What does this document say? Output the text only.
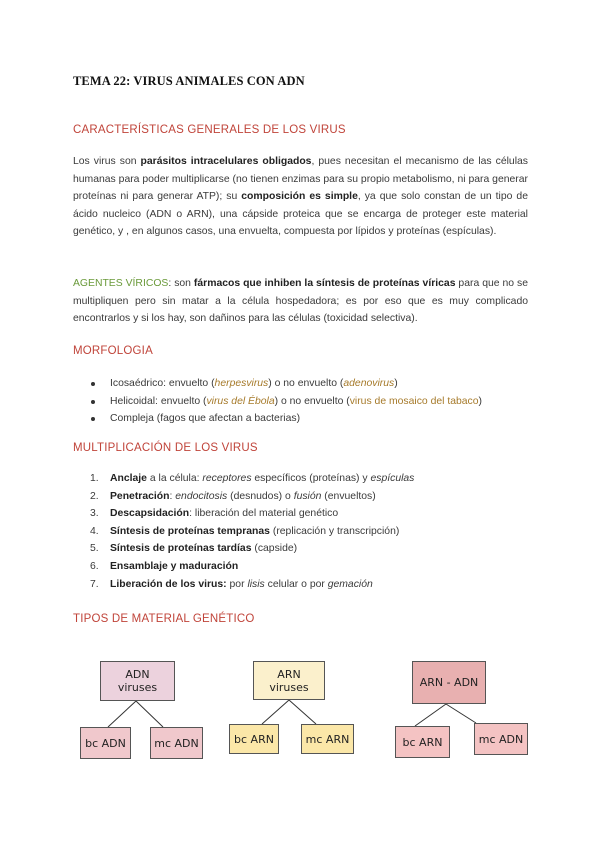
TEMA 22: VIRUS ANIMALES CON ADN
CARACTERÍSTICAS GENERALES DE LOS VIRUS
Los virus son parásitos intracelulares obligados, pues necesitan el mecanismo de las células humanas para poder multiplicarse (no tienen enzimas para su propio metabolismo, ni para generar proteínas ni para generar ATP); su composición es simple, ya que solo constan de un tipo de ácido nucleico (ADN o ARN), una cápside proteica que se encarga de proteger este material genético, y , en algunos casos, una envuelta, compuesta por lípidos y proteínas (espículas).
AGENTES VÍRICOS: son fármacos que inhiben la síntesis de proteínas víricas para que no se multipliquen pero sin matar a la célula hospedadora; es por eso que es muy complicado encontrarlos y si los hay, son dañinos para las células (toxicidad selectiva).
MORFOLOGIA
Icosaédrico: envuelto (herpesvirus) o no envuelto (adenovirus)
Helicoidal: envuelto (virus del Ébola) o no envuelto (virus de mosaico del tabaco)
Compleja (fagos que afectan a bacterias)
MULTIPLICACIÓN DE LOS VIRUS
1. Anclaje a la célula: receptores específicos (proteínas) y espículas
2. Penetración: endocitosis (desnudos) o fusión (envueltos)
3. Descapsidación: liberación del material genético
4. Síntesis de proteínas tempranas (replicación y transcripción)
5. Síntesis de proteínas tardías (capside)
6. Ensamblaje y maduración
7. Liberación de los virus: por lisis celular o por gemación
TIPOS DE MATERIAL GENÉTICO
ADN
viruses
bc ADN	mc ADN
ARN
viruses
bc ARN	mc ARN
ARN - ADN
bc ARN	mc ADN
